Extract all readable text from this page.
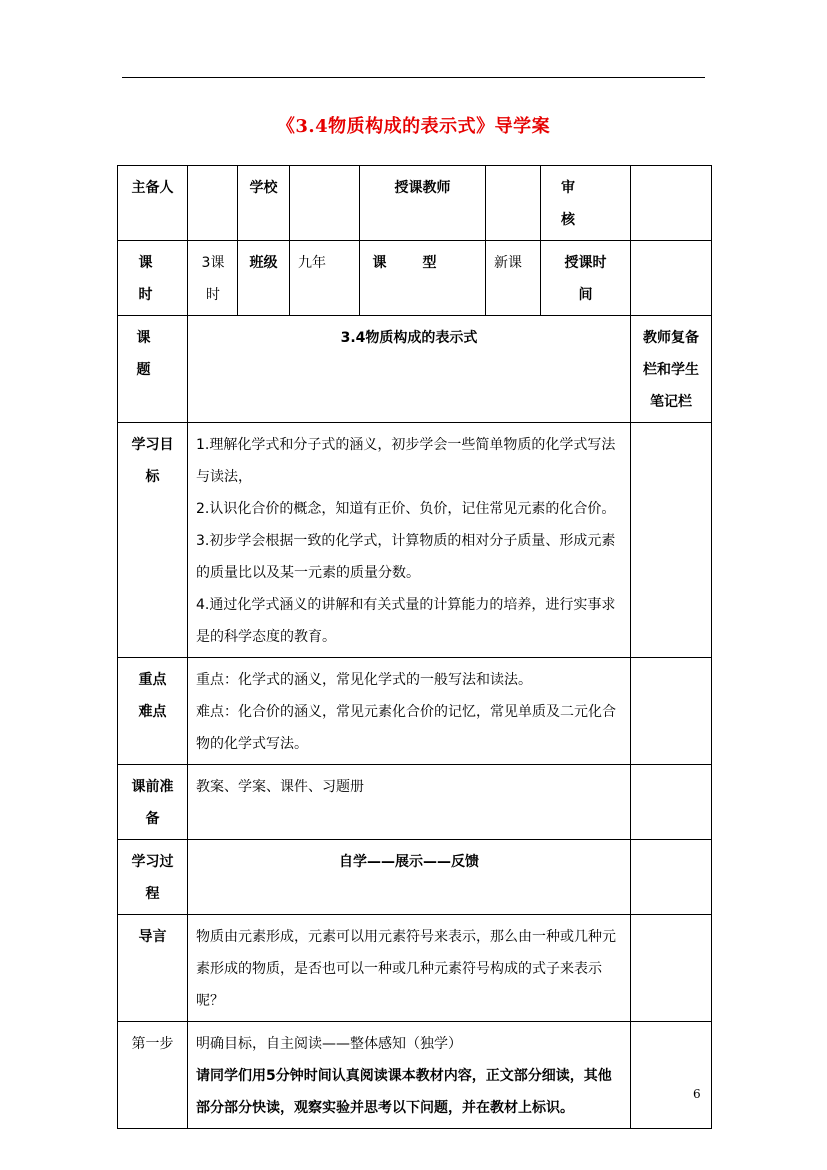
《3.4物质构成的表示式》导学案
主备人		学校		授课教师		审核	

课时	3课时	班级	九年	课型	新课	授课时间	

课题	3.4物质构成的表示式						教师复备栏和学生笔记栏

学习目标	1.理解化学式和分子式的涵义，初步学会一些简单物质的化学式写法与读法，
2.认识化合价的概念，知道有正价、负价，记住常见元素的化合价。
3.初步学会根据一致的化学式，计算物质的相对分子质量、形成元素的质量比以及某一元素的质量分数。
4.通过化学式涵义的讲解和有关式量的计算能力的培养，进行实事求是的科学态度的教育。						

重点难点	重点：化学式的涵义，常见化学式的一般写法和读法。
难点：化合价的涵义，常见元素化合价的记忆，常见单质及二元化合物的化学式写法。						

课前准备	教案、学案、课件、习题册						

学习过程	自学——展示——反馈						
导言	物质由元素形成，元素可以用元素符号来表示，那么由一种或几种元素形成的物质，是否也可以一种或几种元素符号构成的式子来表示呢？						
第一步	明确目标，自主阅读——整体感知（独学）
请同学们用5分钟时间认真阅读课本教材内容，正文部分细读，其他部分部分快读，观察实验并思考以下问题，并在教材上标识。						

6
